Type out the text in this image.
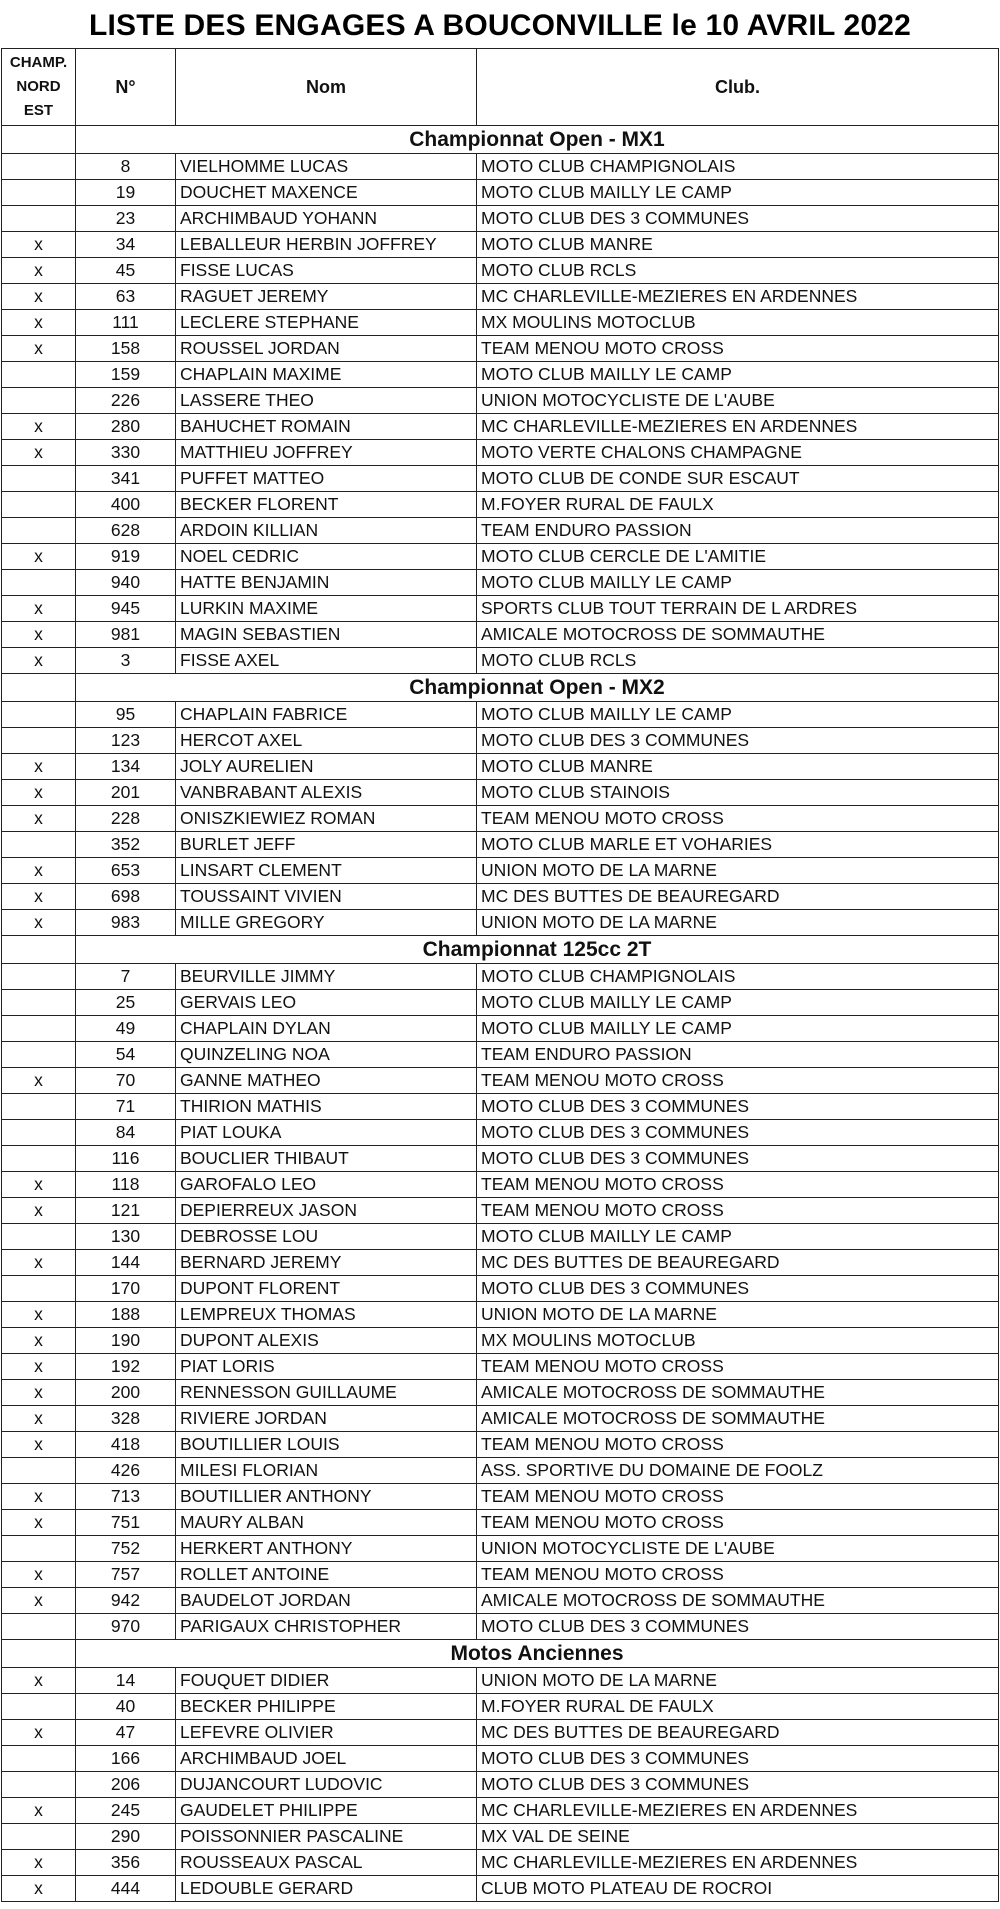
LISTE DES ENGAGES A BOUCONVILLE le 10 AVRIL 2022
CHAMP.
NORD
EST	N°	Nom	Club.
	Championnat Open - MX1		
	8	VIELHOMME LUCAS	MOTO CLUB CHAMPIGNOLAIS
	19	DOUCHET MAXENCE	MOTO CLUB MAILLY LE CAMP
	23	ARCHIMBAUD YOHANN	MOTO CLUB DES 3 COMMUNES
x	34	LEBALLEUR HERBIN JOFFREY	MOTO CLUB MANRE
x	45	FISSE LUCAS	MOTO CLUB RCLS
x	63	RAGUET JEREMY	MC CHARLEVILLE-MEZIERES EN ARDENNES
x	111	LECLERE STEPHANE	MX MOULINS MOTOCLUB
x	158	ROUSSEL JORDAN	TEAM MENOU MOTO CROSS
	159	CHAPLAIN MAXIME	MOTO CLUB MAILLY LE CAMP
	226	LASSERE THEO	UNION MOTOCYCLISTE DE L'AUBE
x	280	BAHUCHET ROMAIN	MC CHARLEVILLE-MEZIERES EN ARDENNES
x	330	MATTHIEU JOFFREY	MOTO VERTE CHALONS CHAMPAGNE
	341	PUFFET MATTEO	MOTO CLUB DE CONDE SUR ESCAUT
	400	BECKER FLORENT	M.FOYER RURAL DE FAULX
	628	ARDOIN KILLIAN	TEAM ENDURO PASSION
x	919	NOEL CEDRIC	MOTO CLUB CERCLE DE L'AMITIE
	940	HATTE BENJAMIN	MOTO CLUB MAILLY LE CAMP
x	945	LURKIN MAXIME	SPORTS CLUB TOUT TERRAIN DE L ARDRES
x	981	MAGIN SEBASTIEN	AMICALE MOTOCROSS DE SOMMAUTHE
x	3	FISSE AXEL	MOTO CLUB RCLS
	Championnat Open - MX2		
	95	CHAPLAIN FABRICE	MOTO CLUB MAILLY LE CAMP
	123	HERCOT AXEL	MOTO CLUB DES 3 COMMUNES
x	134	JOLY AURELIEN	MOTO CLUB MANRE
x	201	VANBRABANT ALEXIS	MOTO CLUB STAINOIS
x	228	ONISZKIEWIEZ ROMAN	TEAM MENOU MOTO CROSS
	352	BURLET JEFF	MOTO CLUB MARLE ET VOHARIES
x	653	LINSART CLEMENT	UNION MOTO DE LA MARNE
x	698	TOUSSAINT VIVIEN	MC DES BUTTES DE BEAUREGARD
x	983	MILLE GREGORY	UNION MOTO DE LA MARNE
	Championnat 125cc 2T		
	7	BEURVILLE JIMMY	MOTO CLUB CHAMPIGNOLAIS
	25	GERVAIS LEO	MOTO CLUB MAILLY LE CAMP
	49	CHAPLAIN DYLAN	MOTO CLUB MAILLY LE CAMP
	54	QUINZELING NOA	TEAM ENDURO PASSION
x	70	GANNE MATHEO	TEAM MENOU MOTO CROSS
	71	THIRION MATHIS	MOTO CLUB DES 3 COMMUNES
	84	PIAT LOUKA	MOTO CLUB DES 3 COMMUNES
	116	BOUCLIER THIBAUT	MOTO CLUB DES 3 COMMUNES
x	118	GAROFALO LEO	TEAM MENOU MOTO CROSS
x	121	DEPIERREUX JASON	TEAM MENOU MOTO CROSS
	130	DEBROSSE LOU	MOTO CLUB MAILLY LE CAMP
x	144	BERNARD JEREMY	MC DES BUTTES DE BEAUREGARD
	170	DUPONT FLORENT	MOTO CLUB DES 3 COMMUNES
x	188	LEMPREUX THOMAS	UNION MOTO DE LA MARNE
x	190	DUPONT ALEXIS	MX MOULINS MOTOCLUB
x	192	PIAT LORIS	TEAM MENOU MOTO CROSS
x	200	RENNESSON GUILLAUME	AMICALE MOTOCROSS DE SOMMAUTHE
x	328	RIVIERE JORDAN	AMICALE MOTOCROSS DE SOMMAUTHE
x	418	BOUTILLIER LOUIS	TEAM MENOU MOTO CROSS
	426	MILESI FLORIAN	ASS. SPORTIVE DU DOMAINE DE FOOLZ
x	713	BOUTILLIER ANTHONY	TEAM MENOU MOTO CROSS
x	751	MAURY ALBAN	TEAM MENOU MOTO CROSS
	752	HERKERT ANTHONY	UNION MOTOCYCLISTE DE L'AUBE
x	757	ROLLET ANTOINE	TEAM MENOU MOTO CROSS
x	942	BAUDELOT JORDAN	AMICALE MOTOCROSS DE SOMMAUTHE
	970	PARIGAUX CHRISTOPHER	MOTO CLUB DES 3 COMMUNES
	Motos Anciennes		
x	14	FOUQUET DIDIER	UNION MOTO DE LA MARNE
	40	BECKER PHILIPPE	M.FOYER RURAL DE FAULX
x	47	LEFEVRE OLIVIER	MC DES BUTTES DE BEAUREGARD
	166	ARCHIMBAUD JOEL	MOTO CLUB DES 3 COMMUNES
	206	DUJANCOURT LUDOVIC	MOTO CLUB DES 3 COMMUNES
x	245	GAUDELET PHILIPPE	MC CHARLEVILLE-MEZIERES EN ARDENNES
	290	POISSONNIER PASCALINE	MX VAL DE SEINE
x	356	ROUSSEAUX PASCAL	MC CHARLEVILLE-MEZIERES EN ARDENNES
x	444	LEDOUBLE GERARD	CLUB MOTO PLATEAU DE ROCROI
